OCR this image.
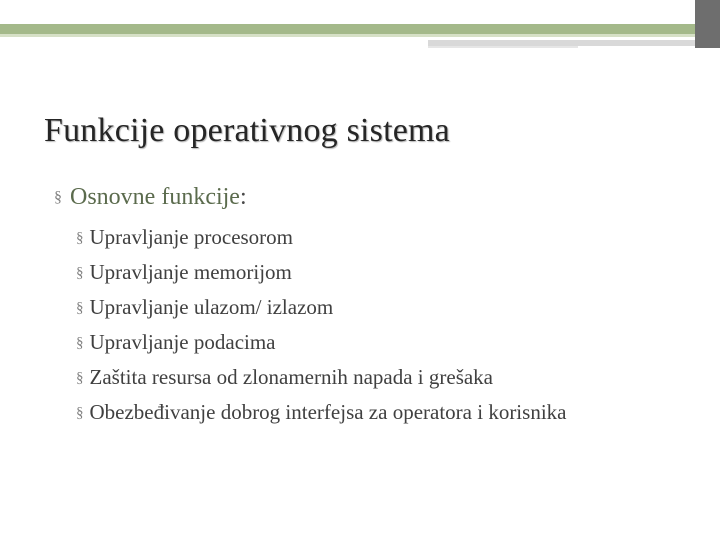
Funkcije operativnog sistema
§ Osnovne funkcije:
§ Upravljanje procesorom
§ Upravljanje memorijom
§ Upravljanje ulazom/ izlazom
§ Upravljanje podacima
§ Zaštita resursa od zlonamernih napada i grešaka
§ Obezbeđivanje dobrog interfejsa za operatora i korisnika
